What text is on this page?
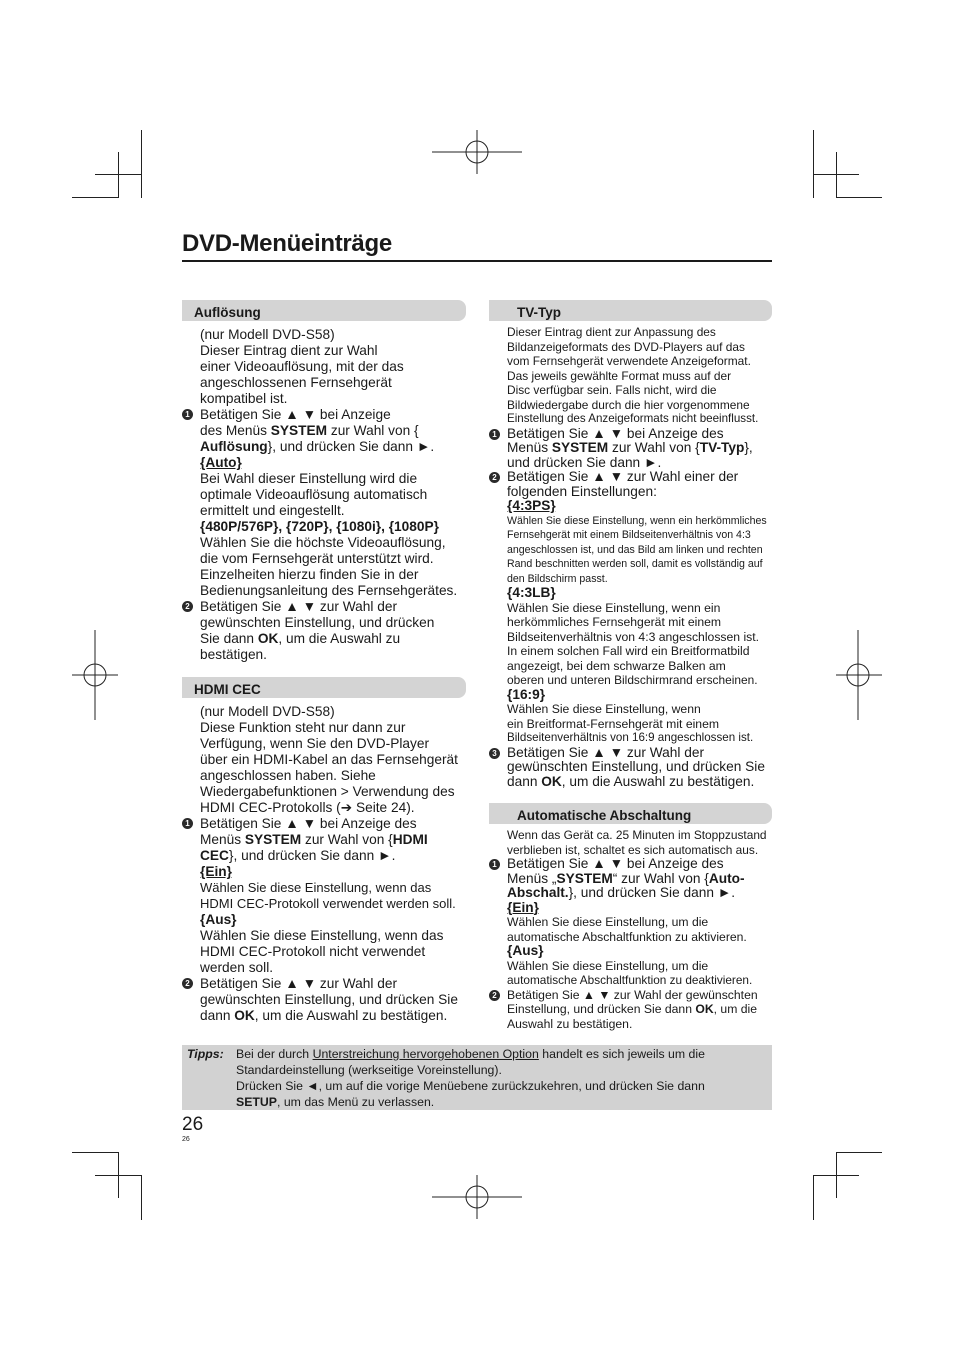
DVD-Menüeinträge
Auflösung

(nur Modell DVD-S58)

Dieser Eintrag dient zur Wahl

einer Videoauflösung, mit der das

angeschlossenen Fernsehgerät

kompatibel ist.

1 Betätigen Sie ▲ ▼ bei Anzeige

des Menüs SYSTEM zur Wahl von {

Auflösung}, und drücken Sie dann ►.

{Auto}

Bei Wahl dieser Einstellung wird die

optimale Videoauflösung automatisch

ermittelt und eingestellt.

{480P/576P}, {720P}, {1080i}, {1080P}

Wählen Sie die höchste Videoauflösung,

die vom Fernsehgerät unterstützt wird.

Einzelheiten hierzu finden Sie in der

Bedienungsanleitung des Fernsehgerätes.

2 Betätigen Sie ▲ ▼ zur Wahl der

gewünschten Einstellung, und drücken

Sie dann OK, um die Auswahl zu

bestätigen.

HDMI CEC

(nur Modell DVD-S58)

Diese Funktion steht nur dann zur

Verfügung, wenn Sie den DVD-Player

über ein HDMI-Kabel an das Fernsehgerät

angeschlossen haben. Siehe

Wiedergabefunktionen > Verwendung des

HDMI CEC-Protokolls (➔ Seite 24).

1 Betätigen Sie ▲ ▼ bei Anzeige des

Menüs SYSTEM zur Wahl von {HDMI

CEC}, und drücken Sie dann ►.

{Ein}

Wählen Sie diese Einstellung, wenn das

HDMI CEC-Protokoll verwendet werden soll.

{Aus}

Wählen Sie diese Einstellung, wenn das

HDMI CEC-Protokoll nicht verwendet

werden soll.

2 Betätigen Sie ▲ ▼ zur Wahl der

gewünschten Einstellung, und drücken Sie

dann OK, um die Auswahl zu bestätigen.

TV-Typ

Dieser Eintrag dient zur Anpassung des

Bildanzeigeformats des DVD-Players auf das

vom Fernsehgerät verwendete Anzeigeformat.

Das jeweils gewählte Format muss auf der

Disc verfügbar sein. Falls nicht, wird die

Bildwiedergabe durch die hier vorgenommene

Einstellung des Anzeigeformats nicht beeinflusst.

1 Betätigen Sie ▲ ▼ bei Anzeige des

Menüs SYSTEM zur Wahl von {TV-Typ},

und drücken Sie dann ►.

2 Betätigen Sie ▲ ▼ zur Wahl einer der

folgenden Einstellungen:

{4:3PS}

Wählen Sie diese Einstellung, wenn ein herkömmliches

Fernsehgerät mit einem Bildseitenverhältnis von 4:3

angeschlossen ist, und das Bild am linken und rechten

Rand beschnitten werden soll, damit es vollständig auf

den Bildschirm passt.

{4:3LB}

Wählen Sie diese Einstellung, wenn ein

herkömmliches Fernsehgerät mit einem

Bildseitenverhältnis von 4:3 angeschlossen ist.

In einem solchen Fall wird ein Breitformatbild

angezeigt, bei dem schwarze Balken am

oberen und unteren Bildschirmrand erscheinen.

{16:9}

Wählen Sie diese Einstellung, wenn

ein Breitformat-Fernsehgerät mit einem

Bildseitenverhältnis von 16:9 angeschlossen ist.

3 Betätigen Sie ▲ ▼ zur Wahl der

gewünschten Einstellung, und drücken Sie

dann OK, um die Auswahl zu bestätigen.

Automatische Abschaltung

Wenn das Gerät ca. 25 Minuten im Stoppzustand

verblieben ist, schaltet es sich automatisch aus.

1 Betätigen Sie ▲ ▼ bei Anzeige des

Menüs „SYSTEM“ zur Wahl von {Auto-

Abschalt.}, und drücken Sie dann ►.

{Ein}

Wählen Sie diese Einstellung, um die

automatische Abschaltfunktion zu aktivieren.

{Aus}

Wählen Sie diese Einstellung, um die

automatische Abschaltfunktion zu deaktivieren.

2 Betätigen Sie ▲ ▼ zur Wahl der gewünschten

Einstellung, und drücken Sie dann OK, um die

Auswahl zu bestätigen.

Tipps: Bei der durch Unterstreichung hervorgehobenen Option handelt es sich jeweils um die
Standardeinstellung (werkseitige Voreinstellung).
Drücken Sie ◄, um auf die vorige Menüebene zurückzukehren, und drücken Sie dann
SETUP, um das Menü zu verlassen.
26
26
